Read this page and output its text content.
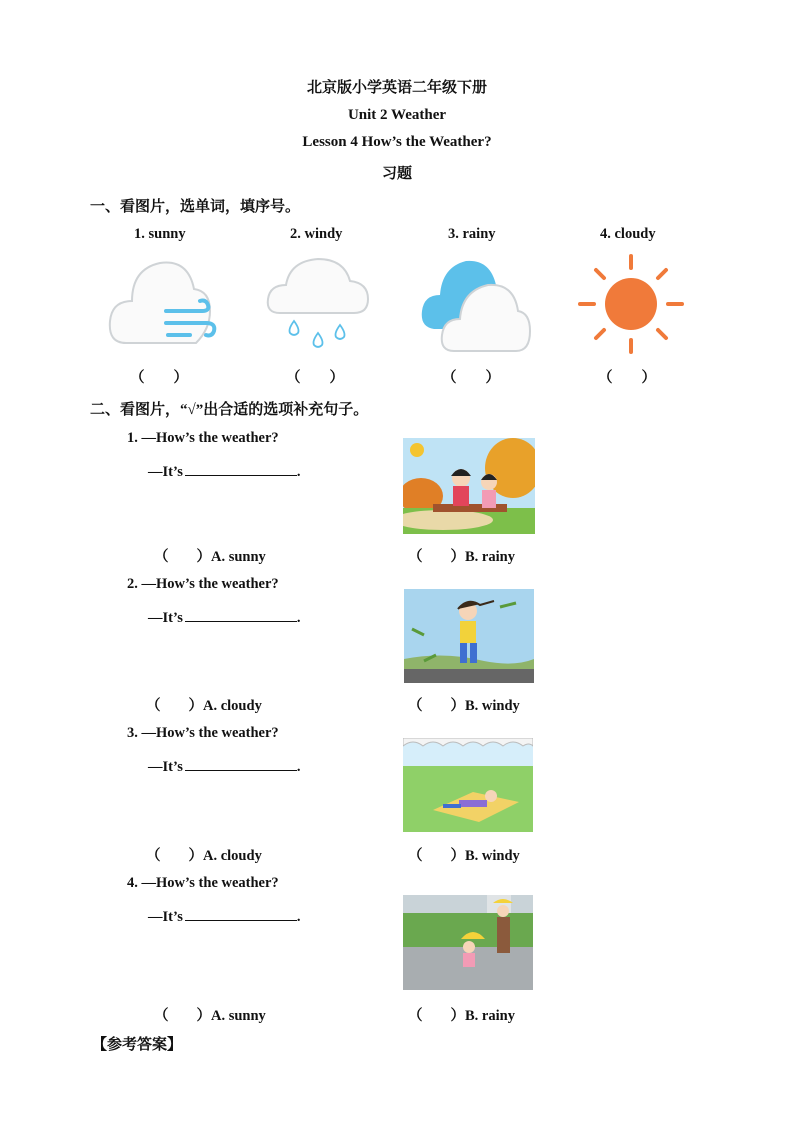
北京版小学英语二年级下册
Unit 2 Weather
Lesson 4 How’s the Weather?
习题
一、看图片，选单词，填序号。
1. sunny	2. windy	3. rainy	4. cloudy
（　　）	（　　）	（　　）	（　　）
二、看图片，“√”出合适的选项补充句子。
1. —How’s the weather?
—It’s	.
（ ）A. sunny	（ ）B. rainy
2. —How’s the weather?
—It’s	.
（ ）A. cloudy	（ ）B. windy
3. —How’s the weather?
—It’s	.
（ ）A. cloudy	（ ）B. windy
4. —How’s the weather?
—It’s	.
（ ）A. sunny	（ ）B. rainy
【参考答案】
